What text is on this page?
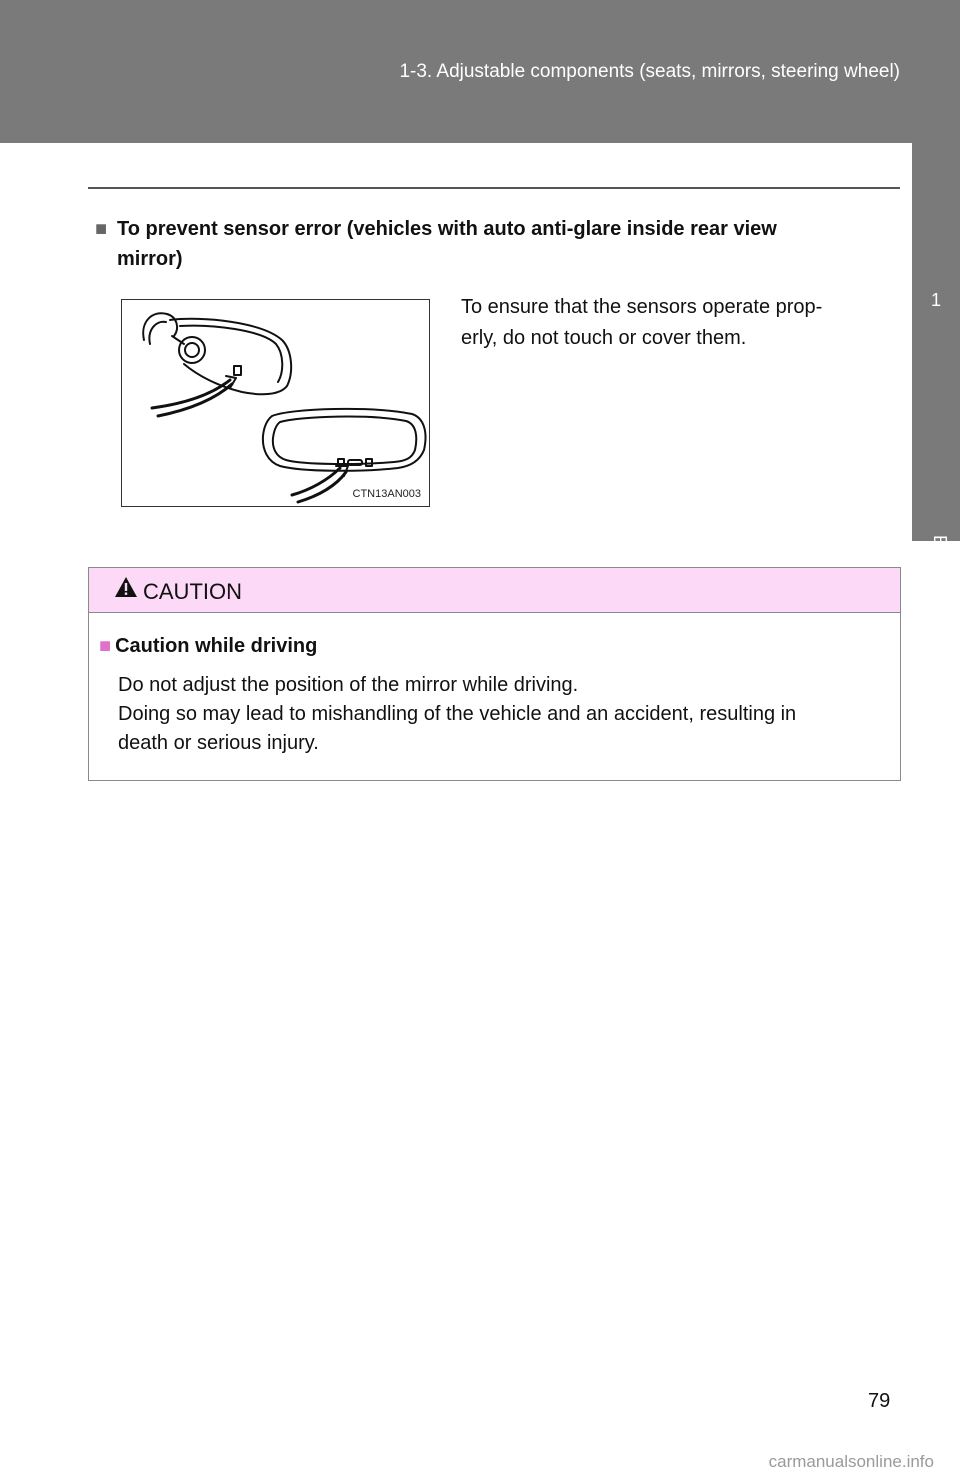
1-3. Adjustable components (seats, mirrors, steering wheel)
1
Before driving
■ To prevent sensor error (vehicles with auto anti-glare inside rear view
mirror)
CTN13AN003
To ensure that the sensors operate prop-
erly, do not touch or cover them.
CAUTION
■ Caution while driving

Do not adjust the position of the mirror while driving.

Doing so may lead to mishandling of the vehicle and an accident, resulting in

death or serious injury.

79
carmanualsonline.info
